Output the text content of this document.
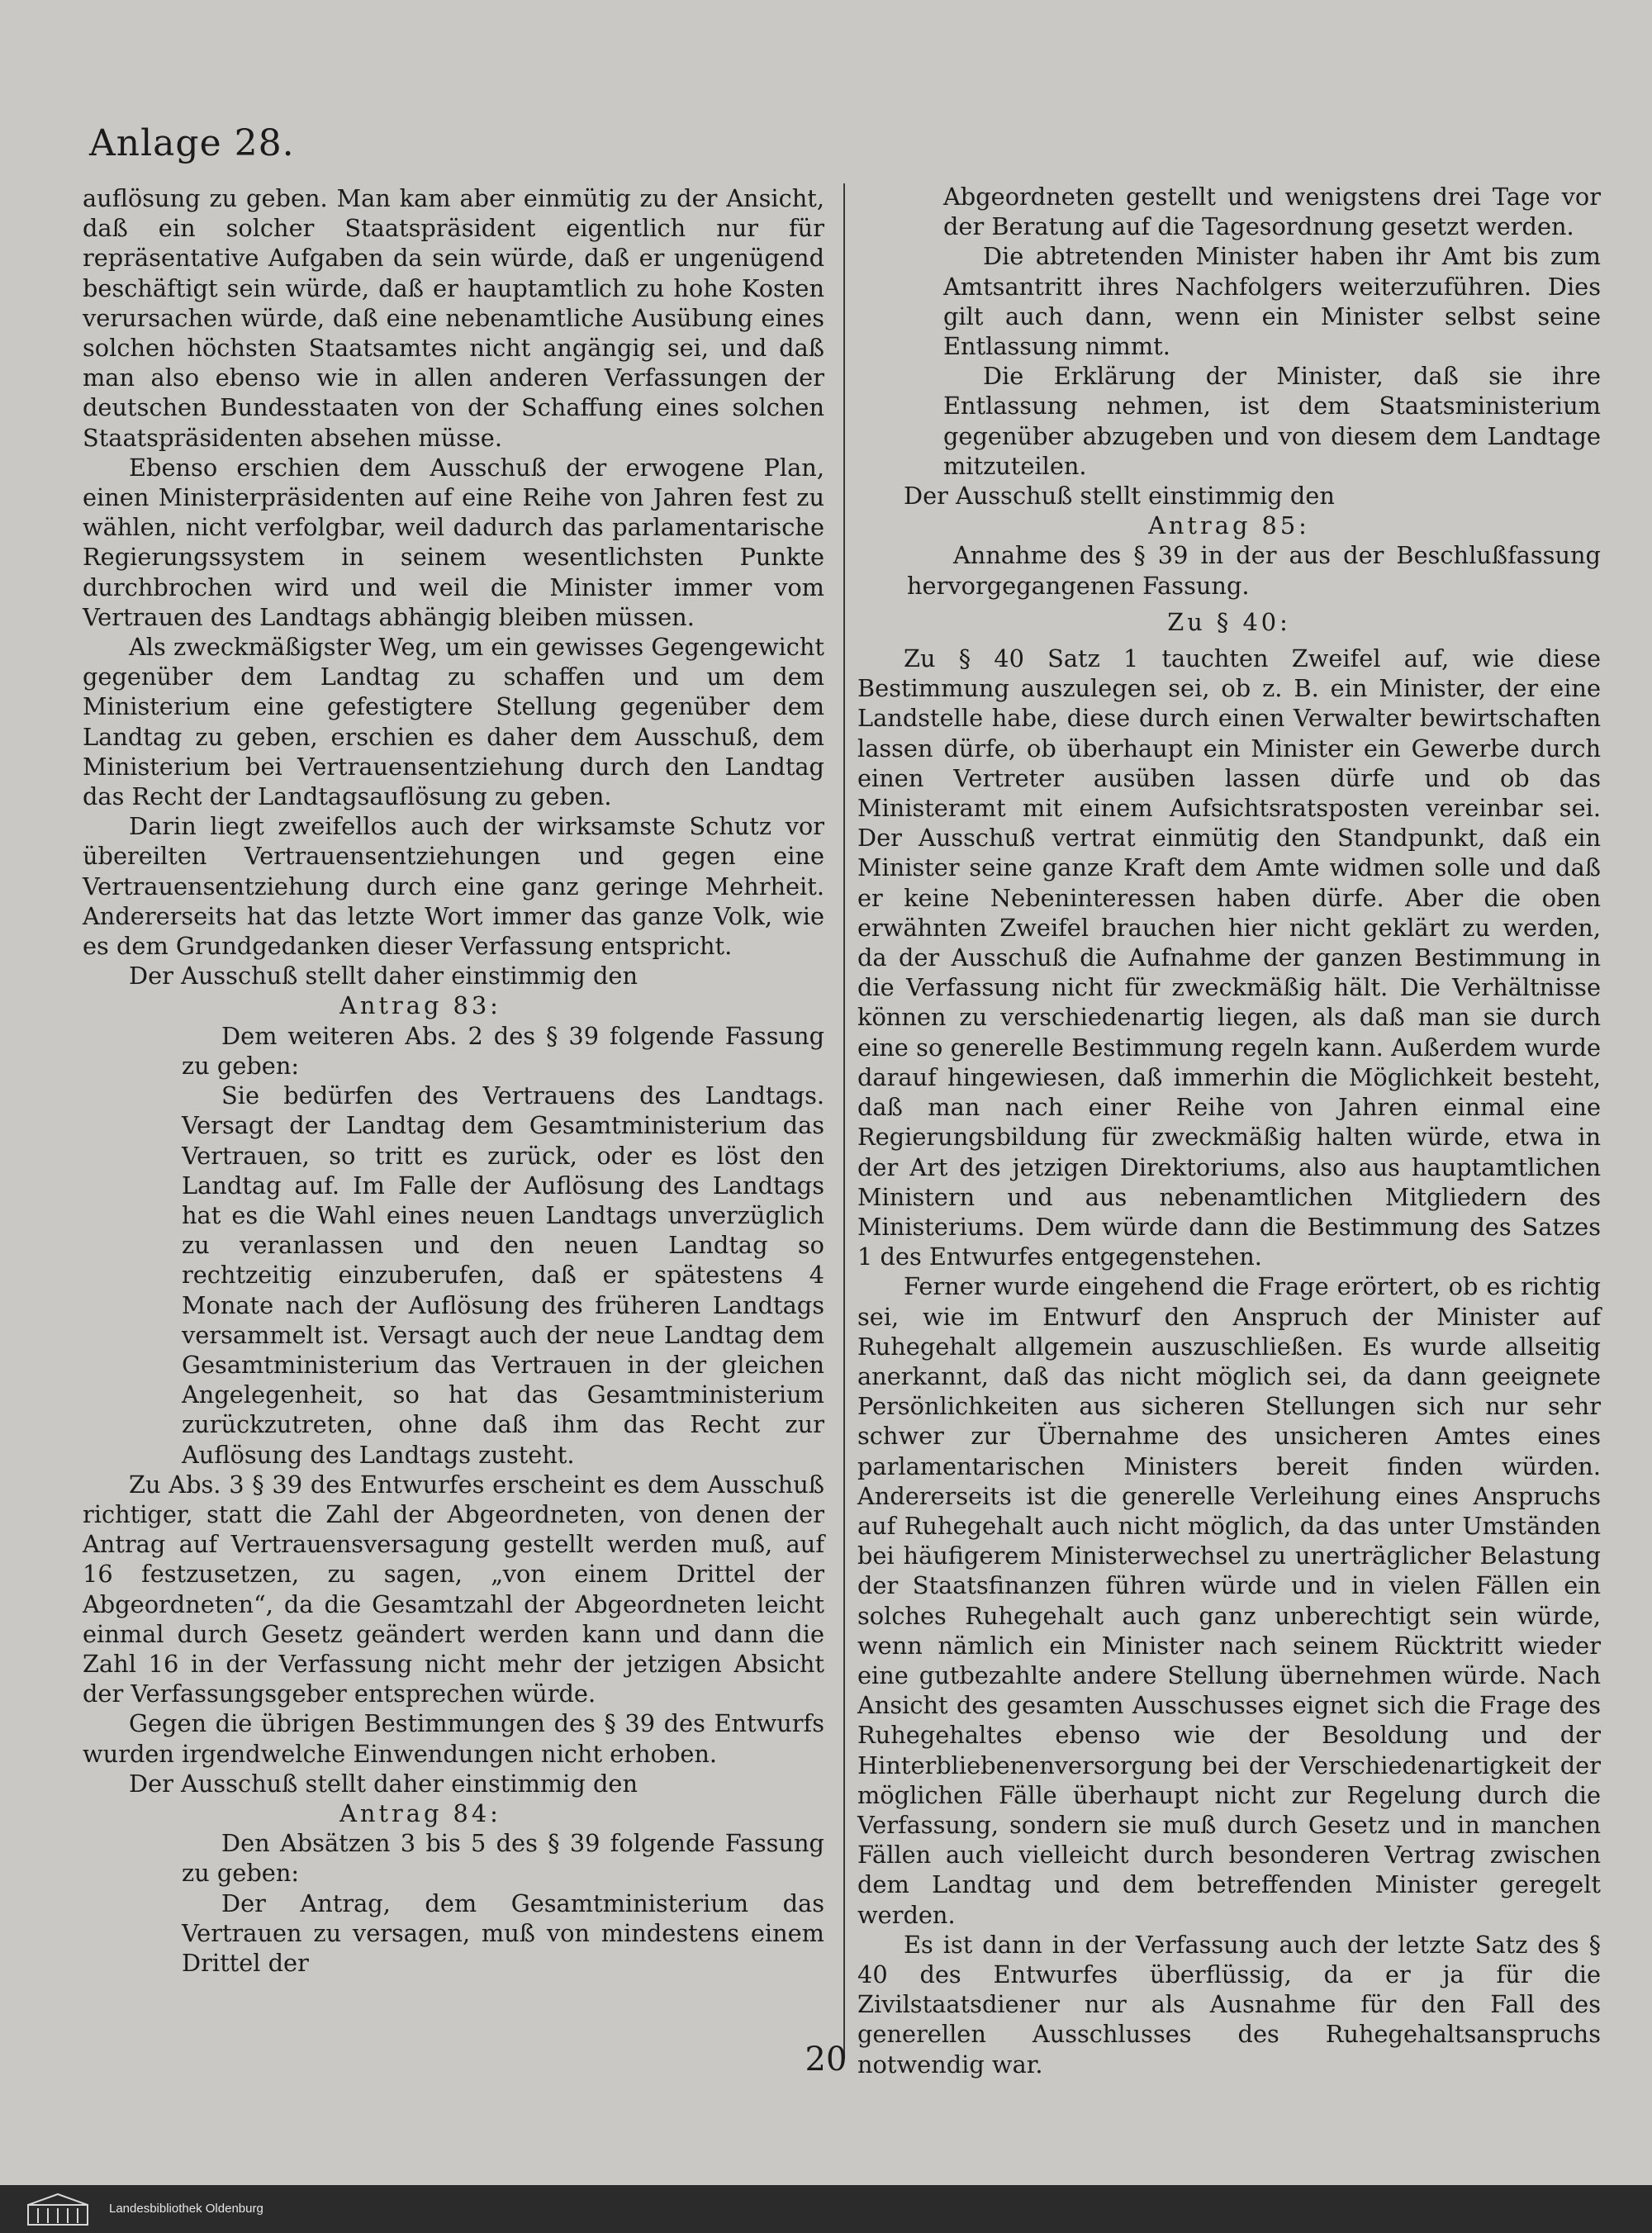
Anlage 28.

auflösung zu geben. Man kam aber einmütig zu der Ansicht, daß ein solcher Staatspräsident eigentlich nur für repräsentative Aufgaben da sein würde, daß er ungenügend beschäftigt sein würde, daß er hauptamtlich zu hohe Kosten verursachen würde, daß eine nebenamtliche Ausübung eines solchen höchsten Staatsamtes nicht angängig sei, und daß man also ebenso wie in allen anderen Verfassungen der deutschen Bundesstaaten von der Schaffung eines solchen Staatspräsidenten absehen müsse.

Ebenso erschien dem Ausschuß der erwogene Plan, einen Ministerpräsidenten auf eine Reihe von Jahren fest zu wählen, nicht verfolgbar, weil dadurch das parlamentarische Regierungssystem in seinem wesentlichsten Punkte durchbrochen wird und weil die Minister immer vom Vertrauen des Landtags abhängig bleiben müssen.

Als zweckmäßigster Weg, um ein gewisses Gegengewicht gegenüber dem Landtag zu schaffen und um dem Ministerium eine gefestigtere Stellung gegenüber dem Landtag zu geben, erschien es daher dem Ausschuß, dem Ministerium bei Vertrauensentziehung durch den Landtag das Recht der Landtagsauflösung zu geben.

Darin liegt zweifellos auch der wirksamste Schutz vor übereilten Vertrauensentziehungen und gegen eine Vertrauensentziehung durch eine ganz geringe Mehrheit. Andererseits hat das letzte Wort immer das ganze Volk, wie es dem Grundgedanken dieser Verfassung entspricht.

Der Ausschuß stellt daher einstimmig den

Antrag 83:

Dem weiteren Abs. 2 des § 39 folgende Fassung zu geben:

Sie bedürfen des Vertrauens des Landtags. Versagt der Landtag dem Gesamtministerium das Vertrauen, so tritt es zurück, oder es löst den Landtag auf. Im Falle der Auflösung des Landtags hat es die Wahl eines neuen Landtags unverzüglich zu veranlassen und den neuen Landtag so rechtzeitig einzuberufen, daß er spätestens 4 Monate nach der Auflösung des früheren Landtags versammelt ist. Versagt auch der neue Landtag dem Gesamtministerium das Vertrauen in der gleichen Angelegenheit, so hat das Gesamtministerium zurückzutreten, ohne daß ihm das Recht zur Auflösung des Landtags zusteht.

Zu Abs. 3 § 39 des Entwurfes erscheint es dem Ausschuß richtiger, statt die Zahl der Abgeordneten, von denen der Antrag auf Vertrauensversagung gestellt werden muß, auf 16 festzusetzen, zu sagen, „von einem Drittel der Abgeordneten“, da die Gesamtzahl der Abgeordneten leicht einmal durch Gesetz geändert werden kann und dann die Zahl 16 in der Verfassung nicht mehr der jetzigen Absicht der Verfassungsgeber entsprechen würde.

Gegen die übrigen Bestimmungen des § 39 des Entwurfs wurden irgendwelche Einwendungen nicht erhoben.

Der Ausschuß stellt daher einstimmig den

Antrag 84:

Den Absätzen 3 bis 5 des § 39 folgende Fassung zu geben:

Der Antrag, dem Gesamtministerium das Vertrauen zu versagen, muß von mindestens einem Drittel der

Abgeordneten gestellt und wenigstens drei Tage vor der Beratung auf die Tagesordnung gesetzt werden.

Die abtretenden Minister haben ihr Amt bis zum Amtsantritt ihres Nachfolgers weiterzuführen. Dies gilt auch dann, wenn ein Minister selbst seine Entlassung nimmt.

Die Erklärung der Minister, daß sie ihre Entlassung nehmen, ist dem Staatsministerium gegenüber abzugeben und von diesem dem Landtage mitzuteilen.

Der Ausschuß stellt einstimmig den

Antrag 85:

Annahme des § 39 in der aus der Beschlußfassung hervorgegangenen Fassung.

Zu § 40:

Zu § 40 Satz 1 tauchten Zweifel auf, wie diese Bestimmung auszulegen sei, ob z. B. ein Minister, der eine Landstelle habe, diese durch einen Verwalter bewirtschaften lassen dürfe, ob überhaupt ein Minister ein Gewerbe durch einen Vertreter ausüben lassen dürfe und ob das Ministeramt mit einem Aufsichtsratsposten vereinbar sei. Der Ausschuß vertrat einmütig den Standpunkt, daß ein Minister seine ganze Kraft dem Amte widmen solle und daß er keine Nebeninteressen haben dürfe. Aber die oben erwähnten Zweifel brauchen hier nicht geklärt zu werden, da der Ausschuß die Aufnahme der ganzen Bestimmung in die Verfassung nicht für zweckmäßig hält. Die Verhältnisse können zu verschiedenartig liegen, als daß man sie durch eine so generelle Bestimmung regeln kann. Außerdem wurde darauf hingewiesen, daß immerhin die Möglichkeit besteht, daß man nach einer Reihe von Jahren einmal eine Regierungsbildung für zweckmäßig halten würde, etwa in der Art des jetzigen Direktoriums, also aus hauptamtlichen Ministern und aus nebenamtlichen Mitgliedern des Ministeriums. Dem würde dann die Bestimmung des Satzes 1 des Entwurfes entgegenstehen.

Ferner wurde eingehend die Frage erörtert, ob es richtig sei, wie im Entwurf den Anspruch der Minister auf Ruhegehalt allgemein auszuschließen. Es wurde allseitig anerkannt, daß das nicht möglich sei, da dann geeignete Persönlichkeiten aus sicheren Stellungen sich nur sehr schwer zur Übernahme des unsicheren Amtes eines parlamentarischen Ministers bereit finden würden. Andererseits ist die generelle Verleihung eines Anspruchs auf Ruhegehalt auch nicht möglich, da das unter Umständen bei häufigerem Ministerwechsel zu unerträglicher Belastung der Staatsfinanzen führen würde und in vielen Fällen ein solches Ruhegehalt auch ganz unberechtigt sein würde, wenn nämlich ein Minister nach seinem Rücktritt wieder eine gutbezahlte andere Stellung übernehmen würde. Nach Ansicht des gesamten Ausschusses eignet sich die Frage des Ruhegehaltes ebenso wie der Besoldung und der Hinterbliebenenversorgung bei der Verschiedenartigkeit der möglichen Fälle überhaupt nicht zur Regelung durch die Verfassung, sondern sie muß durch Gesetz und in manchen Fällen auch vielleicht durch besonderen Vertrag zwischen dem Landtag und dem betreffenden Minister geregelt werden.

Es ist dann in der Verfassung auch der letzte Satz des § 40 des Entwurfes überflüssig, da er ja für die Zivilstaatsdiener nur als Ausnahme für den Fall des generellen Ausschlusses des Ruhegehaltsanspruchs notwendig war.

20
Landesbibliothek Oldenburg
